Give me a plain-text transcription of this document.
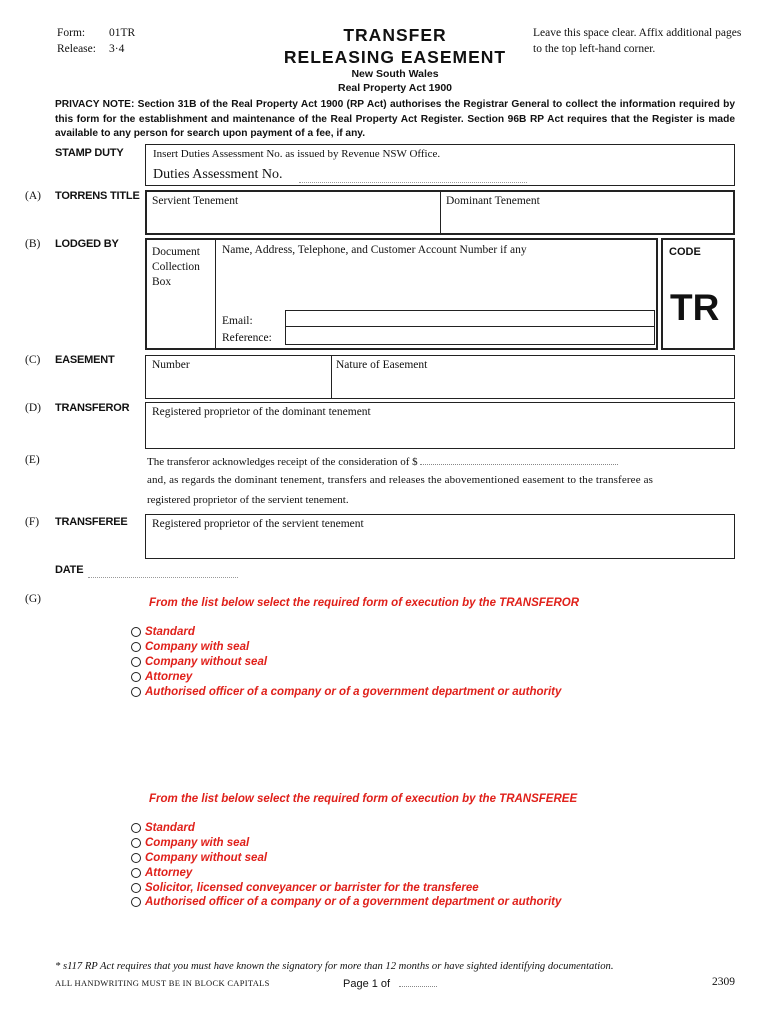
Form: 01TR
Release: 3·4
TRANSFER
RELEASING EASEMENT
New South Wales
Real Property Act 1900
Leave this space clear. Affix additional pages to the top left-hand corner.
PRIVACY NOTE: Section 31B of the Real Property Act 1900 (RP Act) authorises the Registrar General to collect the information required by this form for the establishment and maintenance of the Real Property Act Register. Section 96B RP Act requires that the Register is made available to any person for search upon payment of a fee, if any.
STAMP DUTY	Insert Duties Assessment No. as issued by Revenue NSW Office.
Duties Assessment No.
(A) TORRENS TITLE Servient Tenement	Dominant Tenement
(B) LODGED BY
Document Collection Box
Name, Address, Telephone, and Customer Account Number if any
Email:
Reference:
CODE
TR
(C) EASEMENT	Number	Nature of Easement
(D) TRANSFEROR Registered proprietor of the dominant tenement
(E)	The transferor acknowledges receipt of the consideration of $
and, as regards the dominant tenement, transfers and releases the abovementioned easement to the transferee as
registered proprietor of the servient tenement.
(F) TRANSFEREE Registered proprietor of the servient tenement
DATE
(G)	From the list below select the required form of execution by the TRANSFEROR
Standard
Company with seal
Company without seal
Attorney
Authorised officer of a company or of a government department or authority
From the list below select the required form of execution by the TRANSFEREE
Standard
Company with seal
Company without seal
Attorney
Solicitor, licensed conveyancer or barrister for the transferee
Authorised officer of a company or of a government department or authority
* s117 RP Act requires that you must have known the signatory for more than 12 months or have sighted identifying documentation.
ALL HANDWRITING MUST BE IN BLOCK CAPITALS	Page 1 of	2309
